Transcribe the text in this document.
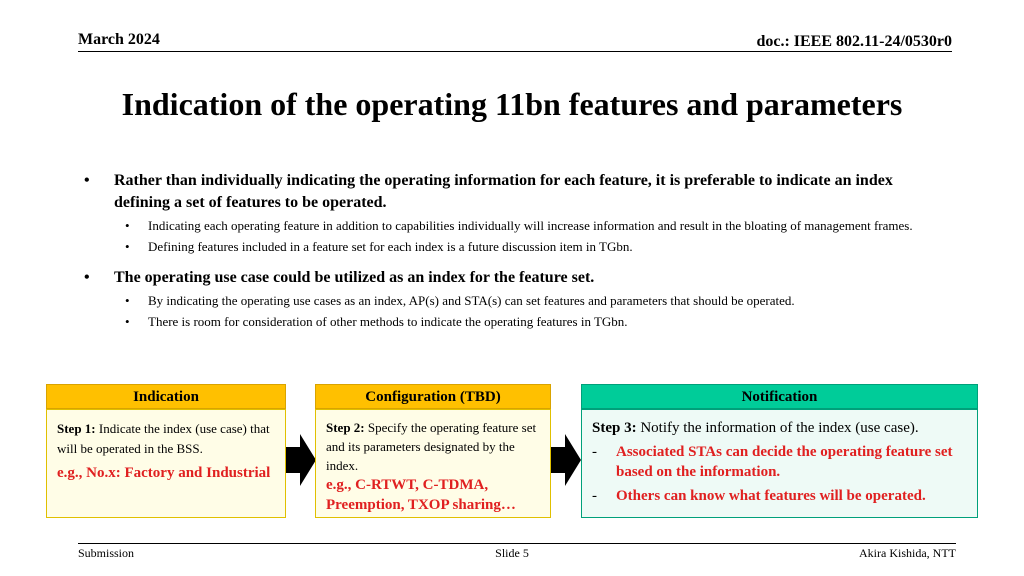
March 2024	doc.: IEEE 802.11-24/0530r0
Indication of the operating 11bn features and parameters
• Rather than individually indicating the operating information for each feature, it is preferable to indicate an index defining a set of features to be operated.
• Indicating each operating feature in addition to capabilities individually will increase information and result in the bloating of management frames.
• Defining features included in a feature set for each index is a future discussion item in TGbn.
• The operating use case could be utilized as an index for the feature set.
• By indicating the operating use cases as an index, AP(s) and STA(s) can set features and parameters that should be operated.
• There is room for consideration of other methods to indicate the operating features in TGbn.
Indication
Step 1: Indicate the index (use case) that will be operated in the BSS.
e.g., No.x: Factory and Industrial
Configuration (TBD)
Step 2: Specify the operating feature set and its parameters designated by the index.
e.g., C-RTWT, C-TDMA, Preemption, TXOP sharing…
Notification
Step 3: Notify the information of the index (use case).
- Associated STAs can decide the operating feature set based on the information.
- Others can know what features will be operated.
Submission	Slide 5	Akira Kishida, NTT
